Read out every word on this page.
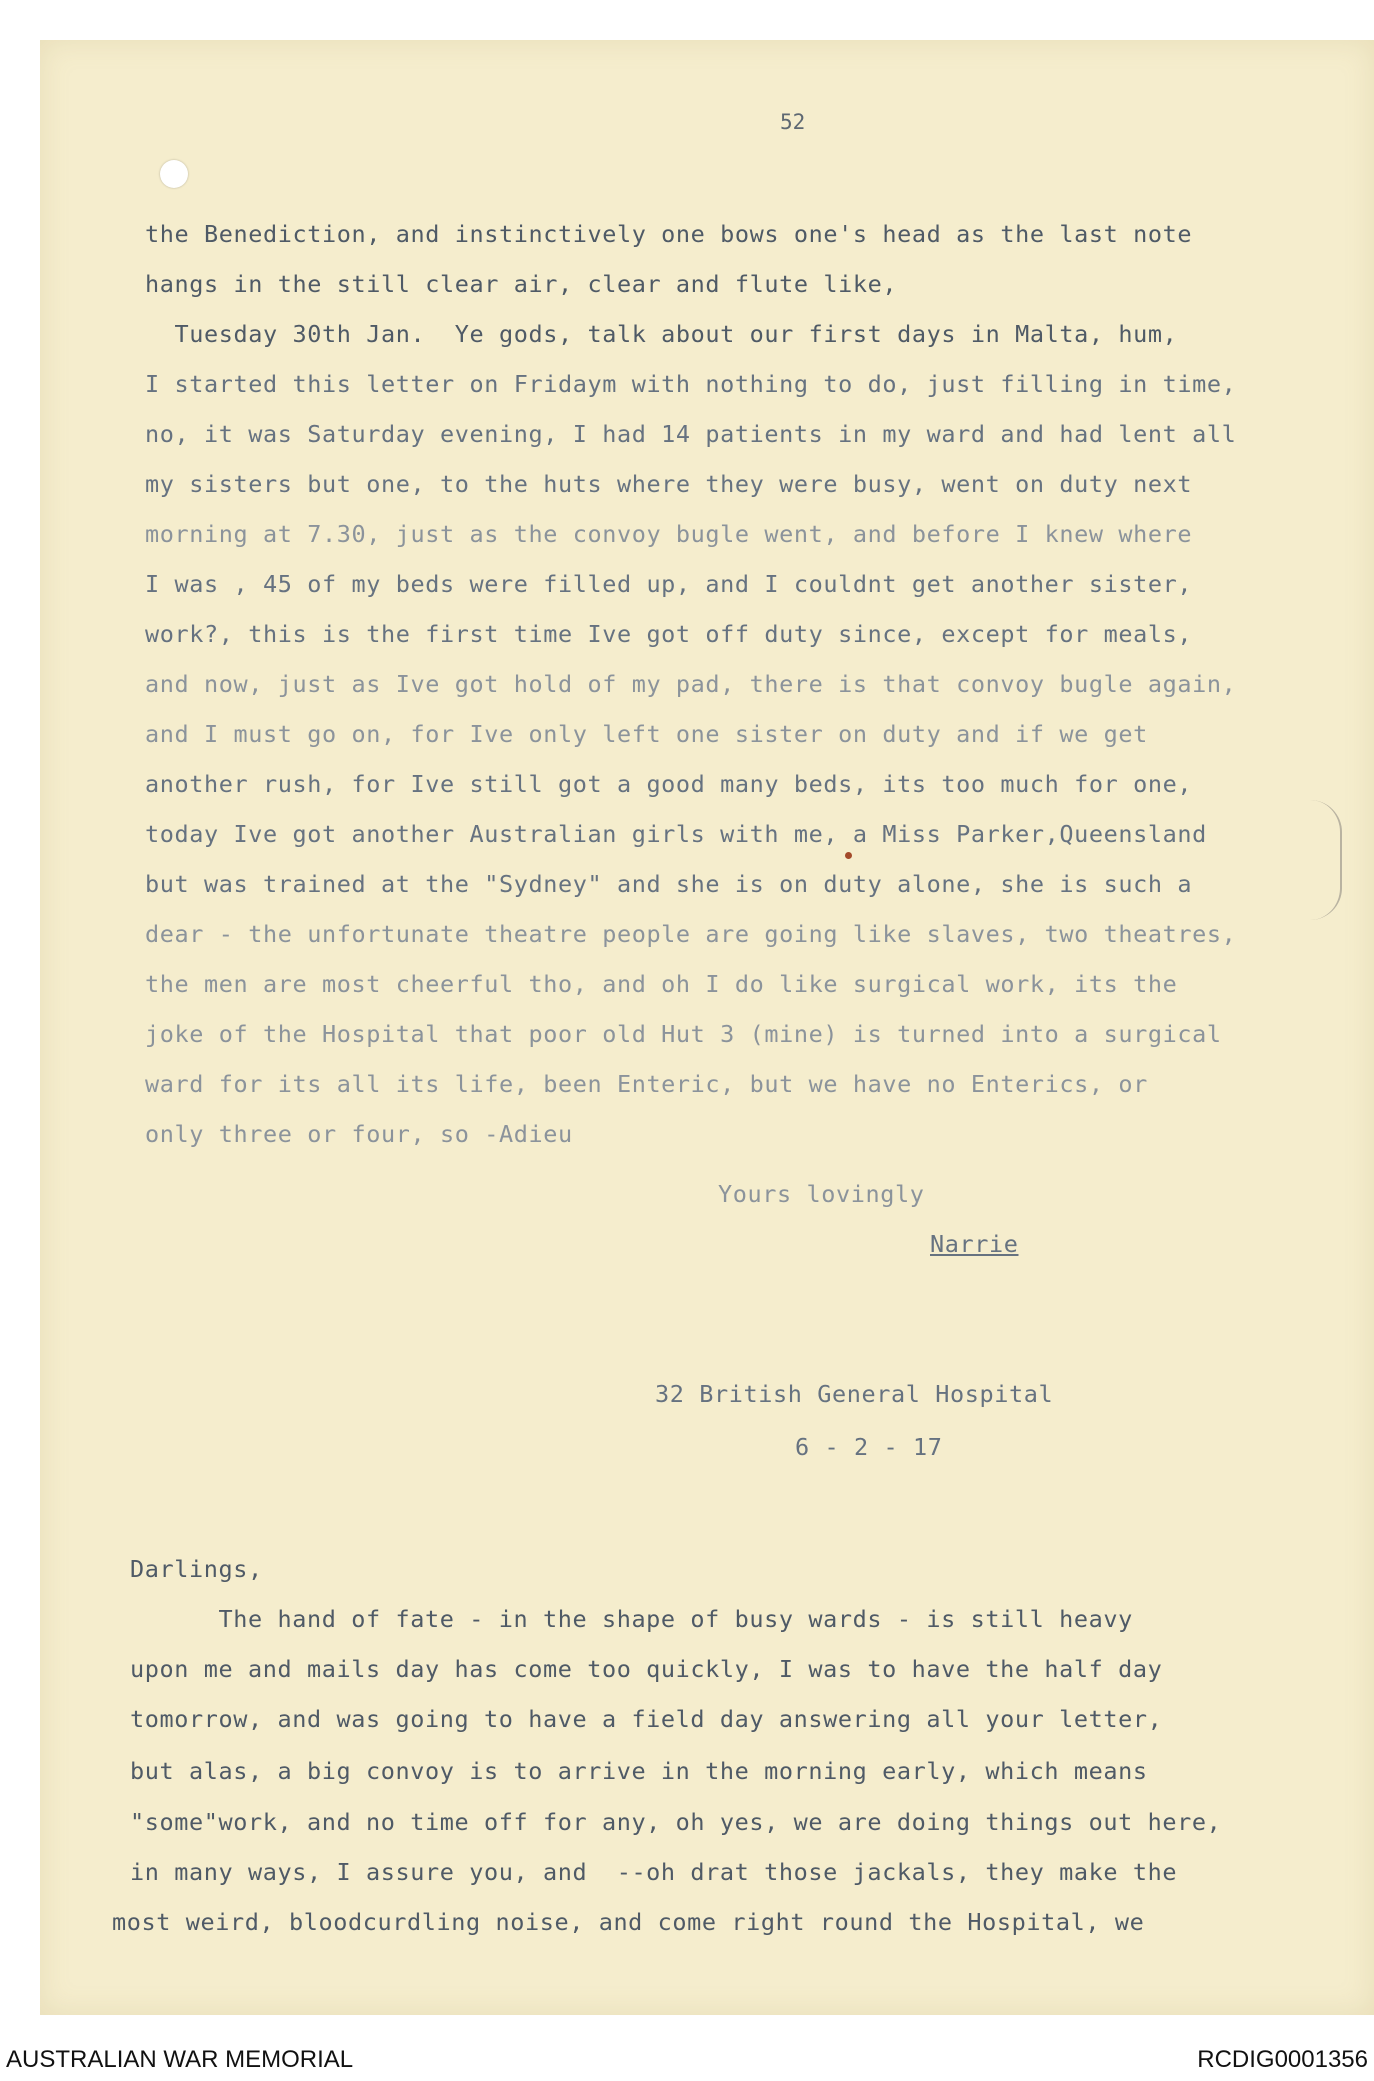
52
the Benediction, and instinctively one bows one's head as the last note
hangs in the still clear air, clear and flute like,
Tuesday 30th Jan.  Ye gods, talk about our first days in Malta, hum,
I started this letter on Fridaym with nothing to do, just filling in time,
no, it was Saturday evening, I had 14 patients in my ward and had lent all
my sisters but one, to the huts where they were busy, went on duty next
morning at 7.30, just as the convoy bugle went, and before I knew where
I was , 45 of my beds were filled up, and I couldnt get another sister,
work?, this is the first time Ive got off duty since, except for meals,
and now, just as Ive got hold of my pad, there is that convoy bugle again,
and I must go on, for Ive only left one sister on duty and if we get
another rush, for Ive still got a good many beds, its too much for one,
today Ive got another Australian girls with me, a Miss Parker,Queensland
but was trained at the "Sydney" and she is on duty alone, she is such a
dear - the unfortunate theatre people are going like slaves, two theatres,
the men are most cheerful tho, and oh I do like surgical work, its the
joke of the Hospital that poor old Hut 3 (mine) is turned into a surgical
ward for its all its life, been Enteric, but we have no Enterics, or
only three or four, so -Adieu
Yours lovingly
Narrie
32 British General Hospital
6 - 2 - 17
Darlings,
The hand of fate - in the shape of busy wards - is still heavy
upon me and mails day has come too quickly, I was to have the half day
tomorrow, and was going to have a field day answering all your letter,
but alas, a big convoy is to arrive in the morning early, which means
"some"work, and no time off for any, oh yes, we are doing things out here,
in many ways, I assure you, and  --oh drat those jackals, they make the
most weird, bloodcurdling noise, and come right round the Hospital, we
AUSTRALIAN WAR MEMORIAL	RCDIG0001356
